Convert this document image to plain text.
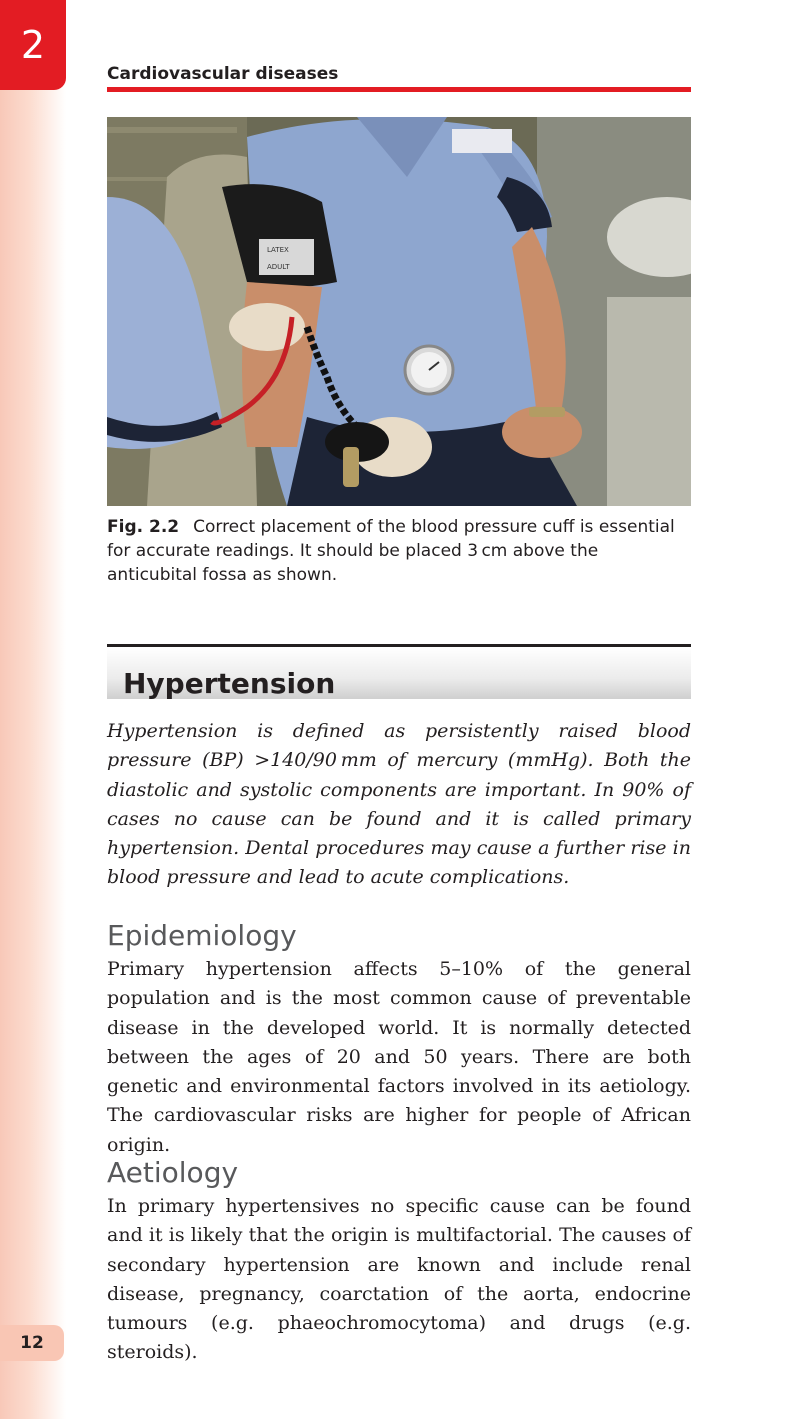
2
12
Cardiovascular diseases
LATEX
ADULT
Fig. 2.2 Correct placement of the blood pressure cuff is essential for accurate readings. It should be placed 3 cm above the anticubital fossa as shown.
Hypertension
Hypertension is defined as persistently raised blood pressure (BP) >140/90 mm of mercury (mmHg). Both the diastolic and systolic components are important. In 90% of cases no cause can be found and it is called primary hypertension. Dental procedures may cause a further rise in blood pressure and lead to acute complications.
Epidemiology
Primary hypertension affects 5–10% of the general population and is the most common cause of preventable disease in the developed world. It is normally detected between the ages of 20 and 50 years. There are both genetic and environmental factors involved in its aetiology. The cardiovascular risks are higher for people of African origin.
Aetiology
In primary hypertensives no specific cause can be found and it is likely that the origin is multifactorial. The causes of secondary hypertension are known and include renal disease, pregnancy, coarctation of the aorta, endocrine tumours (e.g. phaeochromocytoma) and drugs (e.g. steroids).
